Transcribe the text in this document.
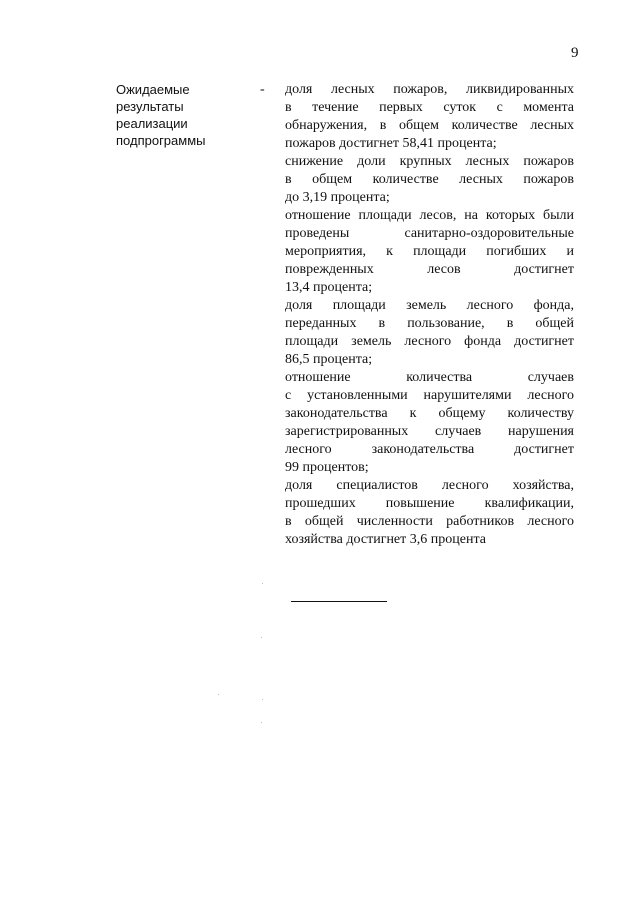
9
Ожидаемые
результаты
реализации
подпрограммы
- доля лесных пожаров, ликвидированных
в течение первых суток с момента
обнаружения, в общем количестве лесных
пожаров достигнет 58,41 процента;
снижение доли крупных лесных пожаров
в общем количестве лесных пожаров
до 3,19 процента;
отношение площади лесов, на которых были
проведены санитарно-оздоровительные
мероприятия, к площади погибших и
поврежденных лесов достигнет
13,4 процента;
доля площади земель лесного фонда,
переданных в пользование, в общей
площади земель лесного фонда достигнет
86,5 процента;
отношение количества случаев
с установленными нарушителями лесного
законодательства к общему количеству
зарегистрированных случаев нарушения
лесного законодательства достигнет
99 процентов;
доля специалистов лесного хозяйства,
прошедших повышение квалификации,
в общей численности работников лесного
хозяйства достигнет 3,6 процента
